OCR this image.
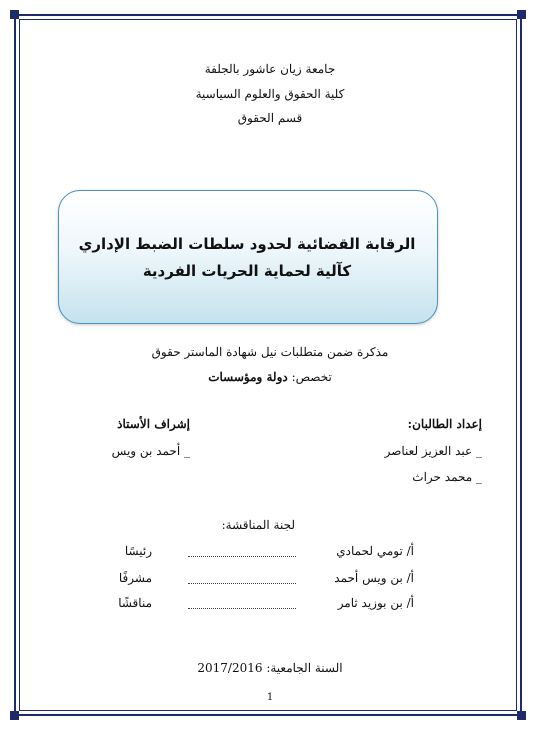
جامعة زيان عاشور بالجلفة
كلية الحقوق والعلوم السياسية
قسم الحقوق
الرقابة القضائية لحدود سلطات الضبط الإداري
كآلية لحماية الحريات الفردية
مذكرة ضمن متطلبات نيل شهادة الماستر حقوق
تخصص: دولة ومؤسسات
إعداد الطالبان:
_ عبد العزيز لعناصر
_ محمد حراث
إشراف الأستاذ
_ أحمد بن ويس
لجنة المناقشة:
أ/ تومي لحمادي
رئيسًا
أ/ بن ويس أحمد
مشرفًا
أ/ بن بوزيد ثامر
مناقشًا
السنة الجامعية: 2017/2016
1
